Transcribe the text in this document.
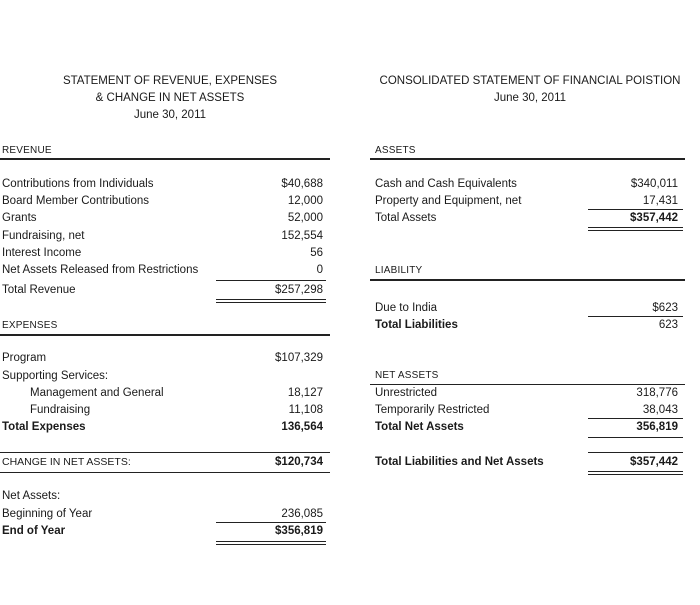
STATEMENT OF REVENUE, EXPENSES
& CHANGE IN NET ASSETS
June 30, 2011
REVENUE
Contributions from Individuals	$40,688
Board Member Contributions	12,000
Grants	52,000
Fundraising, net	152,554
Interest Income	56
Net Assets Released from Restrictions	0
Total Revenue	$257,298
EXPENSES
Program	$107,329
Supporting Services:
Management and General	18,127
Fundraising	11,108
Total Expenses	136,564
CHANGE IN NET ASSETS:	$120,734
Net Assets:
Beginning of Year	236,085
End of Year	$356,819
CONSOLIDATED STATEMENT OF FINANCIAL POISTION
June 30, 2011
ASSETS
Cash and Cash Equivalents	$340,011
Property and Equipment, net	17,431
Total Assets	$357,442
LIABILITY
Due to India	$623
Total Liabilities	623
NET ASSETS
Unrestricted	318,776
Temporarily Restricted	38,043
Total Net Assets	356,819
Total Liabilities and Net Assets	$357,442
